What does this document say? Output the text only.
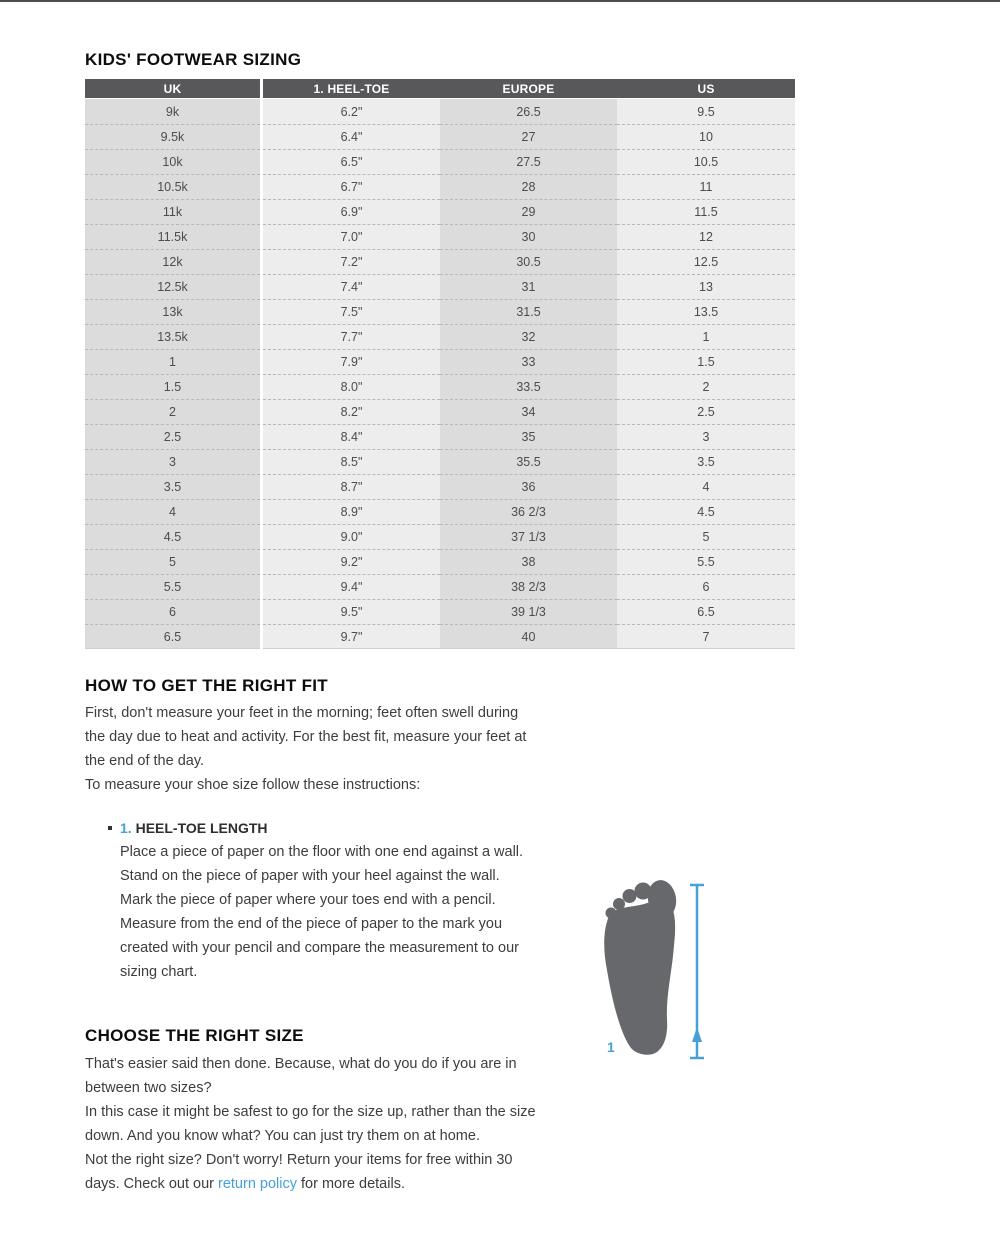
KIDS' FOOTWEAR SIZING
UK	1. HEEL-TOE	EUROPE	US
9k	6.2"	26.5	9.5
9.5k	6.4"	27	10
10k	6.5"	27.5	10.5
10.5k	6.7"	28	11
11k	6.9"	29	11.5
11.5k	7.0"	30	12
12k	7.2"	30.5	12.5
12.5k	7.4"	31	13
13k	7.5"	31.5	13.5
13.5k	7.7"	32	1
1	7.9"	33	1.5
1.5	8.0"	33.5	2
2	8.2"	34	2.5
2.5	8.4"	35	3
3	8.5"	35.5	3.5
3.5	8.7"	36	4
4	8.9"	36 2/3	4.5
4.5	9.0"	37 1/3	5
5	9.2"	38	5.5
5.5	9.4"	38 2/3	6
6	9.5"	39 1/3	6.5
6.5	9.7"	40	7
HOW TO GET THE RIGHT FIT

First, don't measure your feet in the morning; feet often swell during the day due to heat and activity. For the best fit, measure your feet at the end of the day.

To measure your shoe size follow these instructions:

1. HEEL-TOE LENGTH
Place a piece of paper on the floor with one end against a wall.
Stand on the piece of paper with your heel against the wall.
Mark the piece of paper where your toes end with a pencil.
Measure from the end of the piece of paper to the mark you created with your pencil and compare the measurement to our sizing chart.
CHOOSE THE RIGHT SIZE
That's easier said then done. Because, what do you do if you are in between two sizes?
In this case it might be safest to go for the size up, rather than the size down. And you know what? You can just try them on at home.
Not the right size? Don't worry! Return your items for free within 30 days. Check out our return policy for more details.
1
